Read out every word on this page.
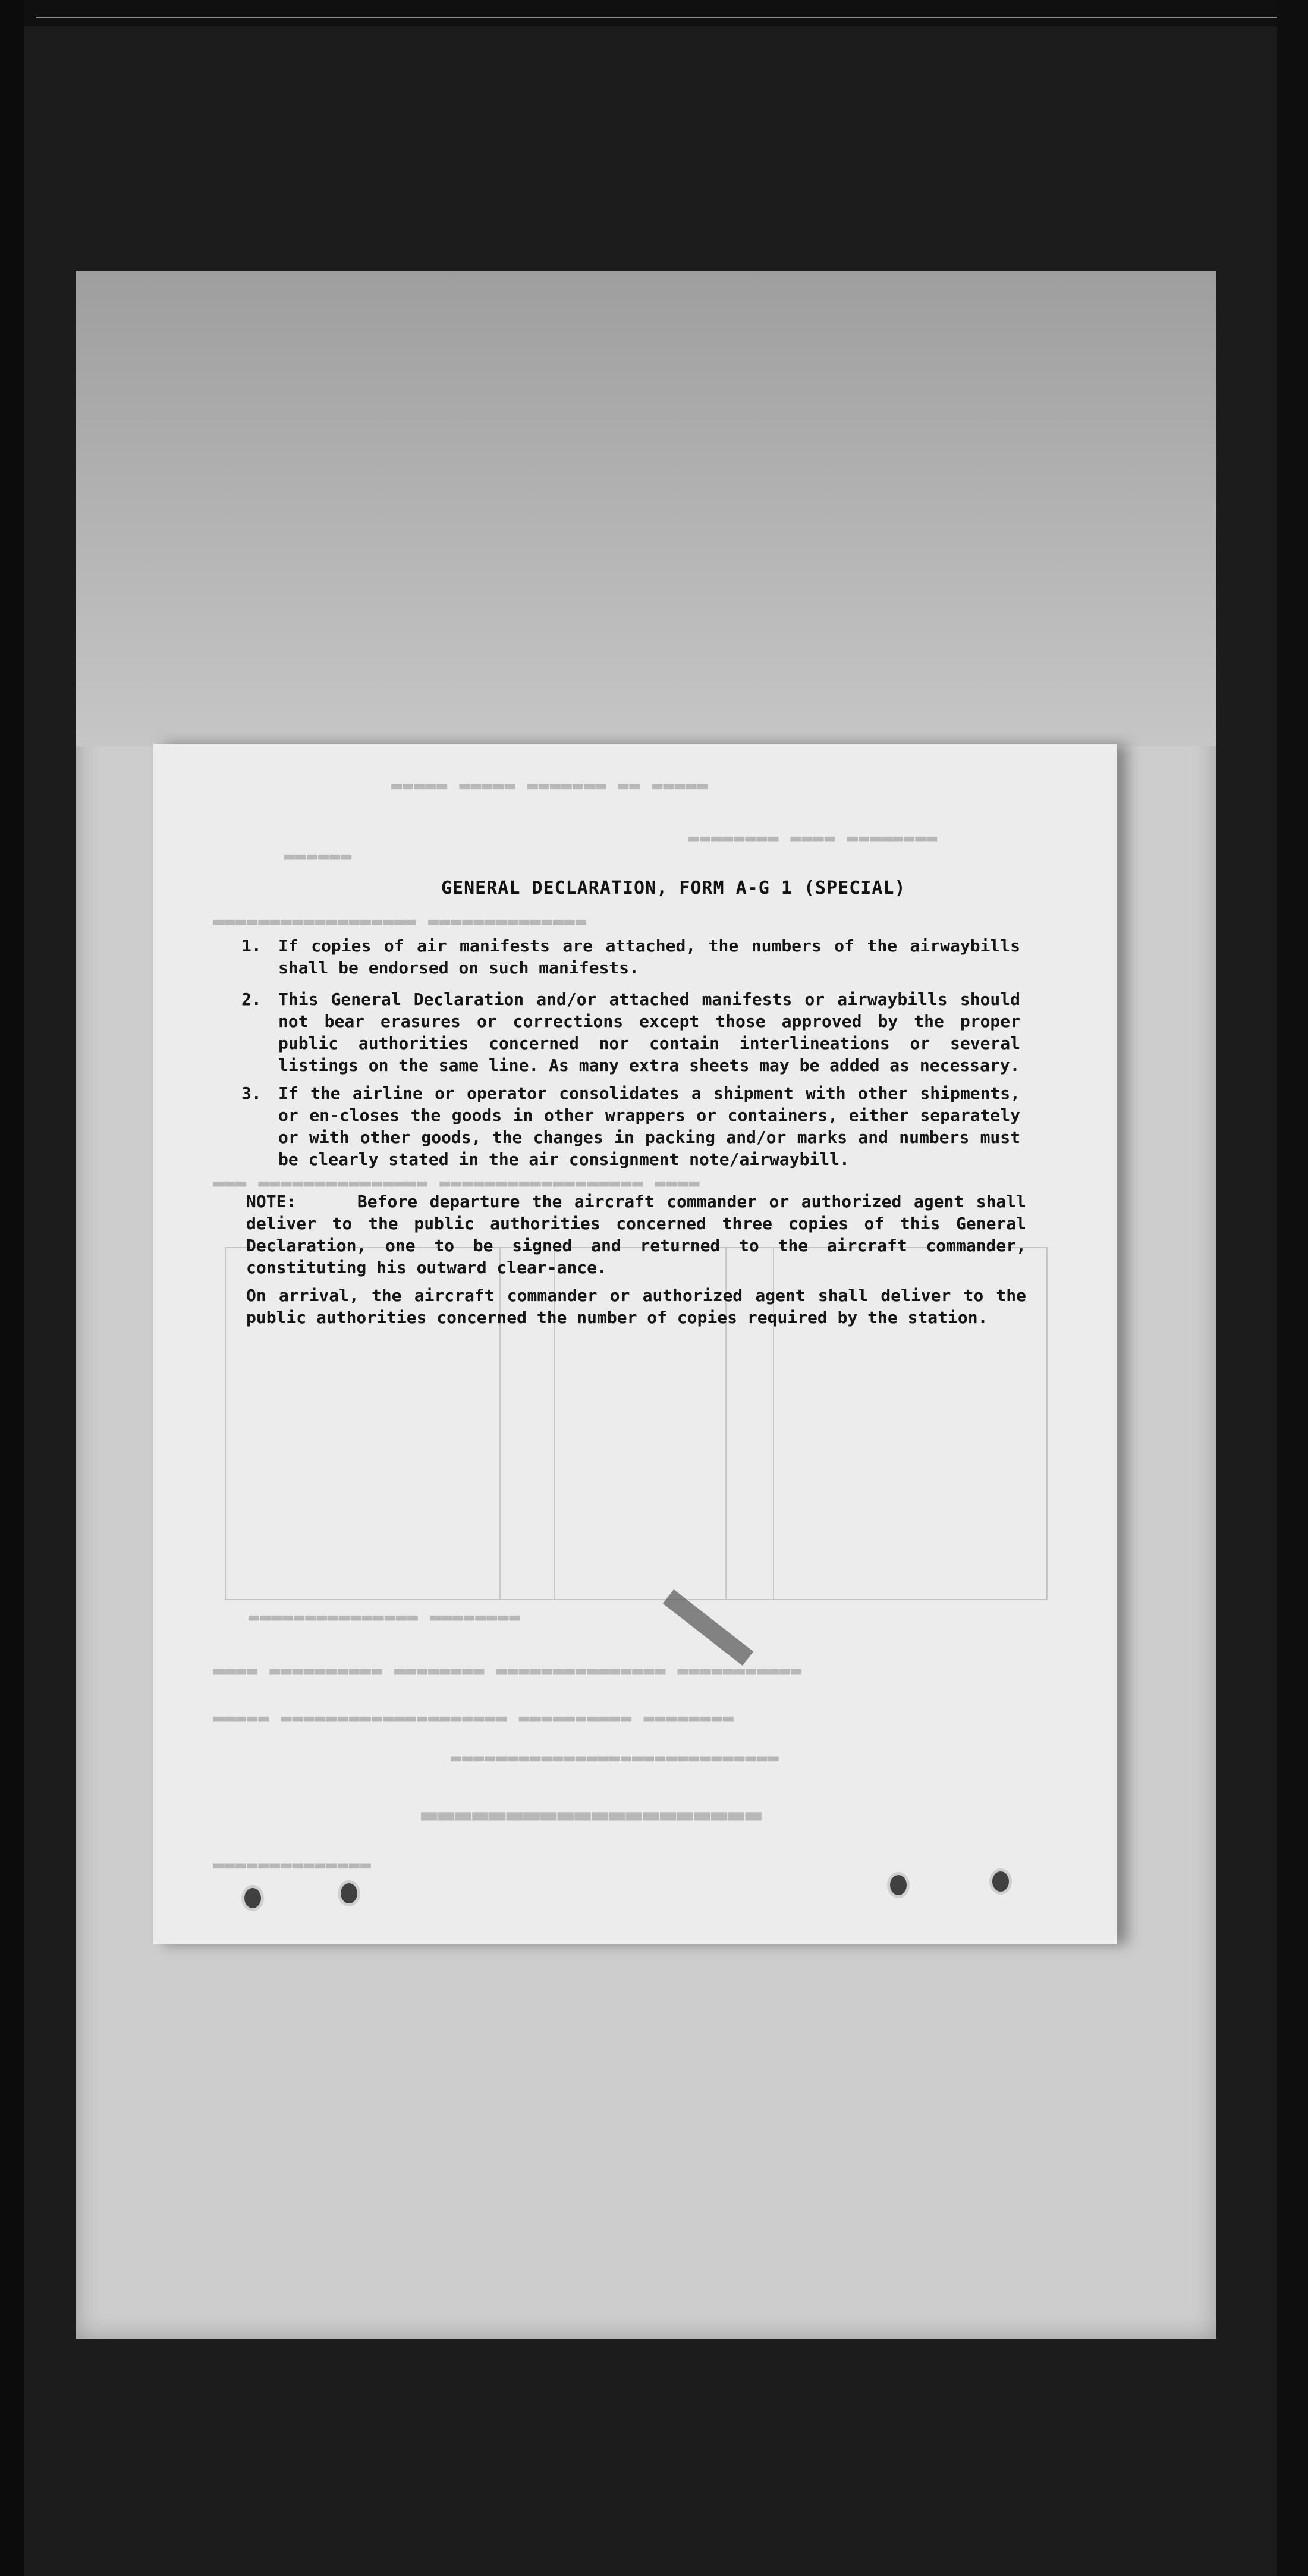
▬▬▬▬▬ ▬▬▬▬▬ ▬▬▬▬▬▬▬ ▬▬ ▬▬▬▬▬
▬▬▬▬▬▬
▬▬▬▬▬▬▬▬ ▬▬▬▬ ▬▬▬▬▬▬▬▬
▬▬▬▬▬▬▬▬▬▬▬▬▬▬▬▬▬▬ ▬▬▬▬▬▬▬▬▬▬▬▬▬▬
▬▬▬ ▬▬▬▬▬▬▬▬▬▬▬▬▬▬▬ ▬▬▬▬▬▬▬▬▬▬▬▬▬▬▬▬▬▬ ▬▬▬▬
▬▬▬▬▬▬▬▬▬▬▬▬▬▬▬ ▬▬▬▬▬▬▬▬
▬▬▬▬ ▬▬▬▬▬▬▬▬▬▬ ▬▬▬▬▬▬▬▬ ▬▬▬▬▬▬▬▬▬▬▬▬▬▬▬ ▬▬▬▬▬▬▬▬▬▬▬
▬▬▬▬▬ ▬▬▬▬▬▬▬▬▬▬▬▬▬▬▬▬▬▬▬▬ ▬▬▬▬▬▬▬▬▬▬ ▬▬▬▬▬▬▬▬
▬▬▬▬▬▬▬▬▬▬▬▬▬▬▬▬▬▬▬▬▬▬▬▬▬▬▬▬▬
▬▬▬▬▬▬▬▬▬▬▬▬▬▬▬▬▬▬▬▬
▬▬▬▬▬▬▬▬▬▬▬▬▬▬
GENERAL DECLARATION, FORM A-G 1 (SPECIAL)
1. If copies of air manifests are attached, the numbers of the airwaybills shall be endorsed on such manifests.
2. This General Declaration and/or attached manifests or airwaybills should not bear erasures or corrections except those approved by the proper public authorities concerned nor contain interlineations or several listings on the same line. As many extra sheets may be added as necessary.
3. If the airline or operator consolidates a shipment with other shipments, or en-closes the goods in other wrappers or containers, either separately or with other goods, the changes in packing and/or marks and numbers must be clearly stated in the air consignment note/airwaybill.
NOTE:     Before departure the aircraft commander or authorized agent shall deliver to the public authorities concerned three copies of this General Declaration, one to be signed and returned to the aircraft commander, constituting his outward clear-ance.
On arrival, the aircraft commander or authorized agent shall deliver to the public authorities concerned the number of copies required by the station.
